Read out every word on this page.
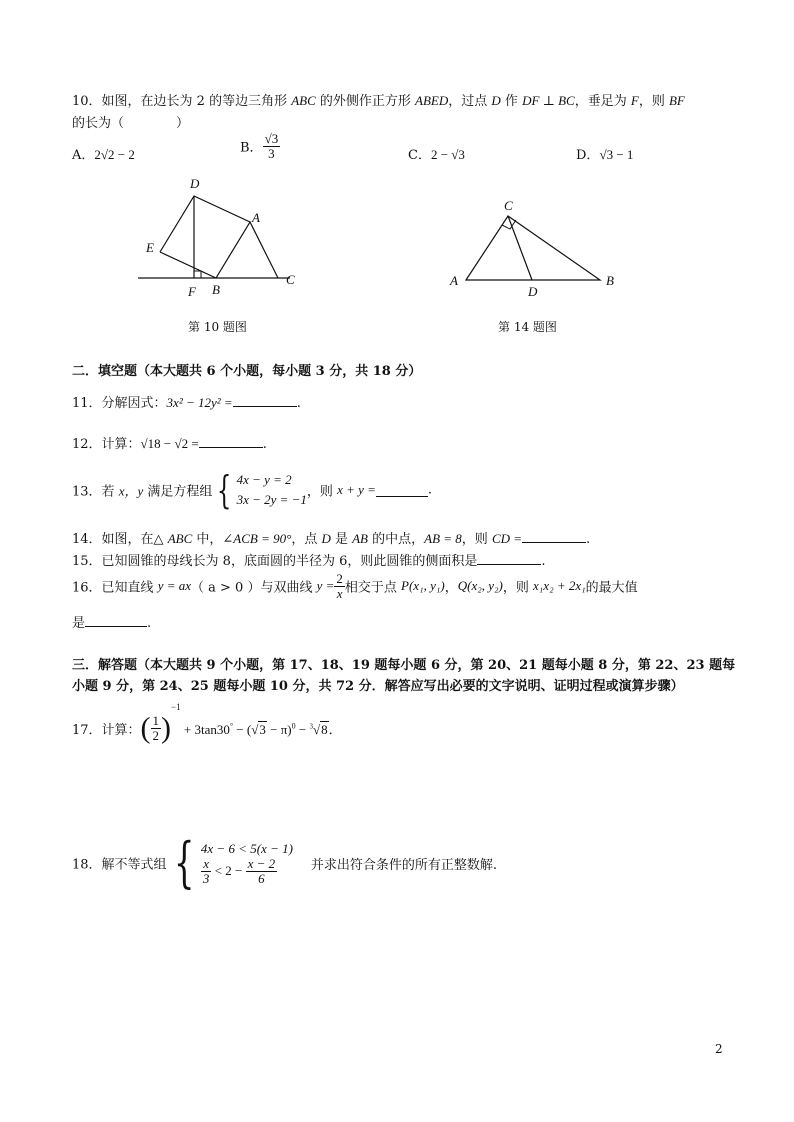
10．如图，在边长为 2 的等边三角形 ABC 的外侧作正方形 ABED，过点 D 作 DF ⊥ BC，垂足为 F，则 BF
的长为（　　　　）
A．2√2 − 2	B． $\frac{√3}{3}$	C．2 − √3	D．√3 − 1
D
A
E
F B
C
第 10 题图
C
A
D
B
第 14 题图
二．填空题（本大题共 6 个小题，每小题 3 分，共 18 分）
11．分解因式：3x² − 12y² =	.
12．计算：√18 − √2 =	.
13．若 x，y 满足方程组 { 4x − y = 2
3x − 2y = −1，则 x + y =	.
14．如图，在△ ABC 中，∠ACB = 90°，点 D 是 AB 的中点，AB = 8，则 CD =	.
15．已知圆锥的母线长为 8，底面圆的半径为 6，则此圆锥的侧面积是	.
16．已知直线 y = ax（ a > 0 ）与双曲线 $y = \frac{2}{x}$ 相交于点 P(x₁, y₁)，Q(x₂, y₂)，则 x₁x₂ + 2x₁的最大值
是	.
三．解答题（本大题共 9 个小题，第 17、18、19 题每小题 6 分，第 20、21 题每小题 8 分，第 22、23 题每
小题 9 分，第 24、25 题每小题 10 分，共 72 分．解答应写出必要的文字说明、证明过程或演算步骤）
17．计算：( $\frac{1}{2} )^{-1} + 3\tan 30^\circ - (√3 - \pi)^0 - ^3√8$．
18．解不等式组 { 4x − 6 < 5(x − 1)

$\frac{x}{3} < 2 - \frac{x - 2}{6}$	并求出符合条件的所有正整数解.
2
